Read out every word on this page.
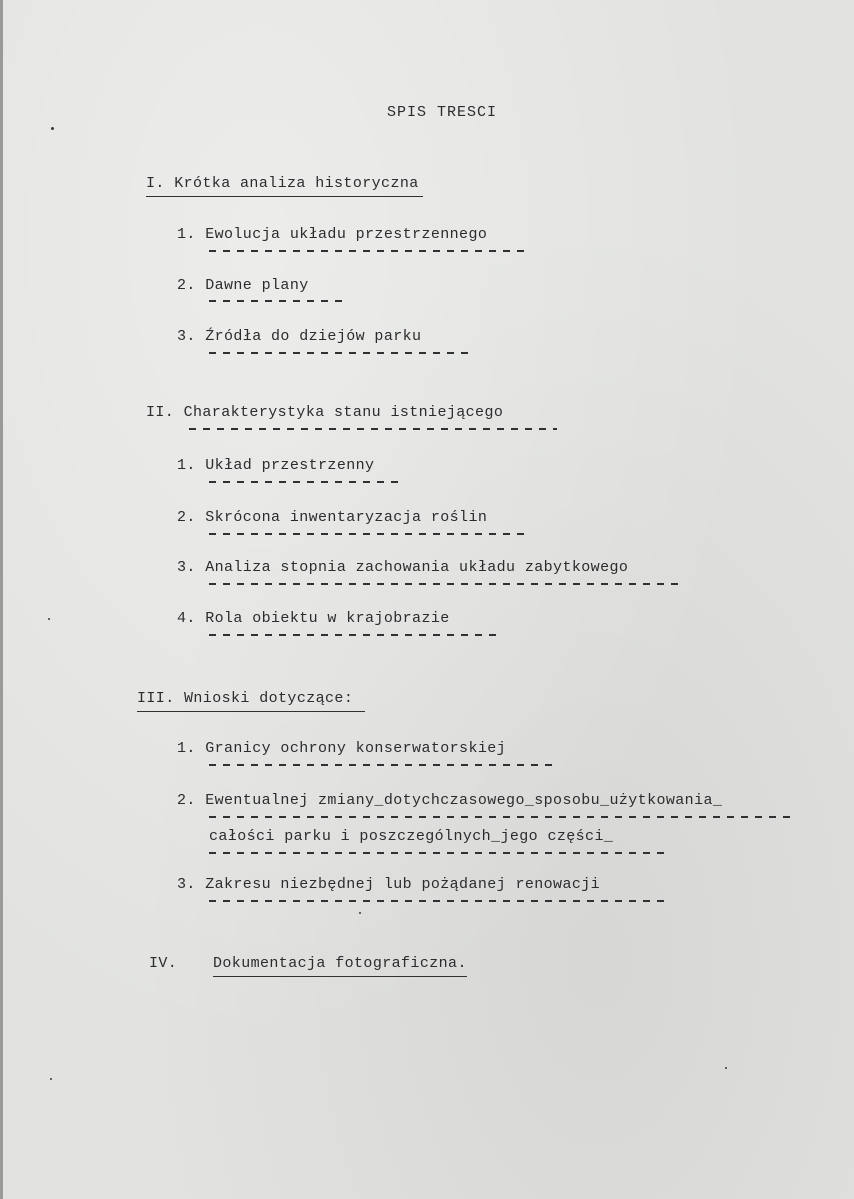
SPIS TRESCI
I. Krótka analiza historyczna
1. Ewolucja układu przestrzennego
2. Dawne plany
3. Źródła do dziejów parku
II. Charakterystyka stanu istniejącego
1. Układ przestrzenny
2. Skrócona inwentaryzacja roślin
3. Analiza stopnia zachowania układu zabytkowego
4. Rola obiektu w krajobrazie
III. Wnioski dotyczące:
1. Granicy ochrony konserwatorskiej
2. Ewentualnej zmiany_dotychczasowego_sposobu_użytkowania_
całości parku i poszczególnych_jego części_
3. Zakresu niezbędnej lub pożądanej renowacji
IV. Dokumentacja fotograficzna.
